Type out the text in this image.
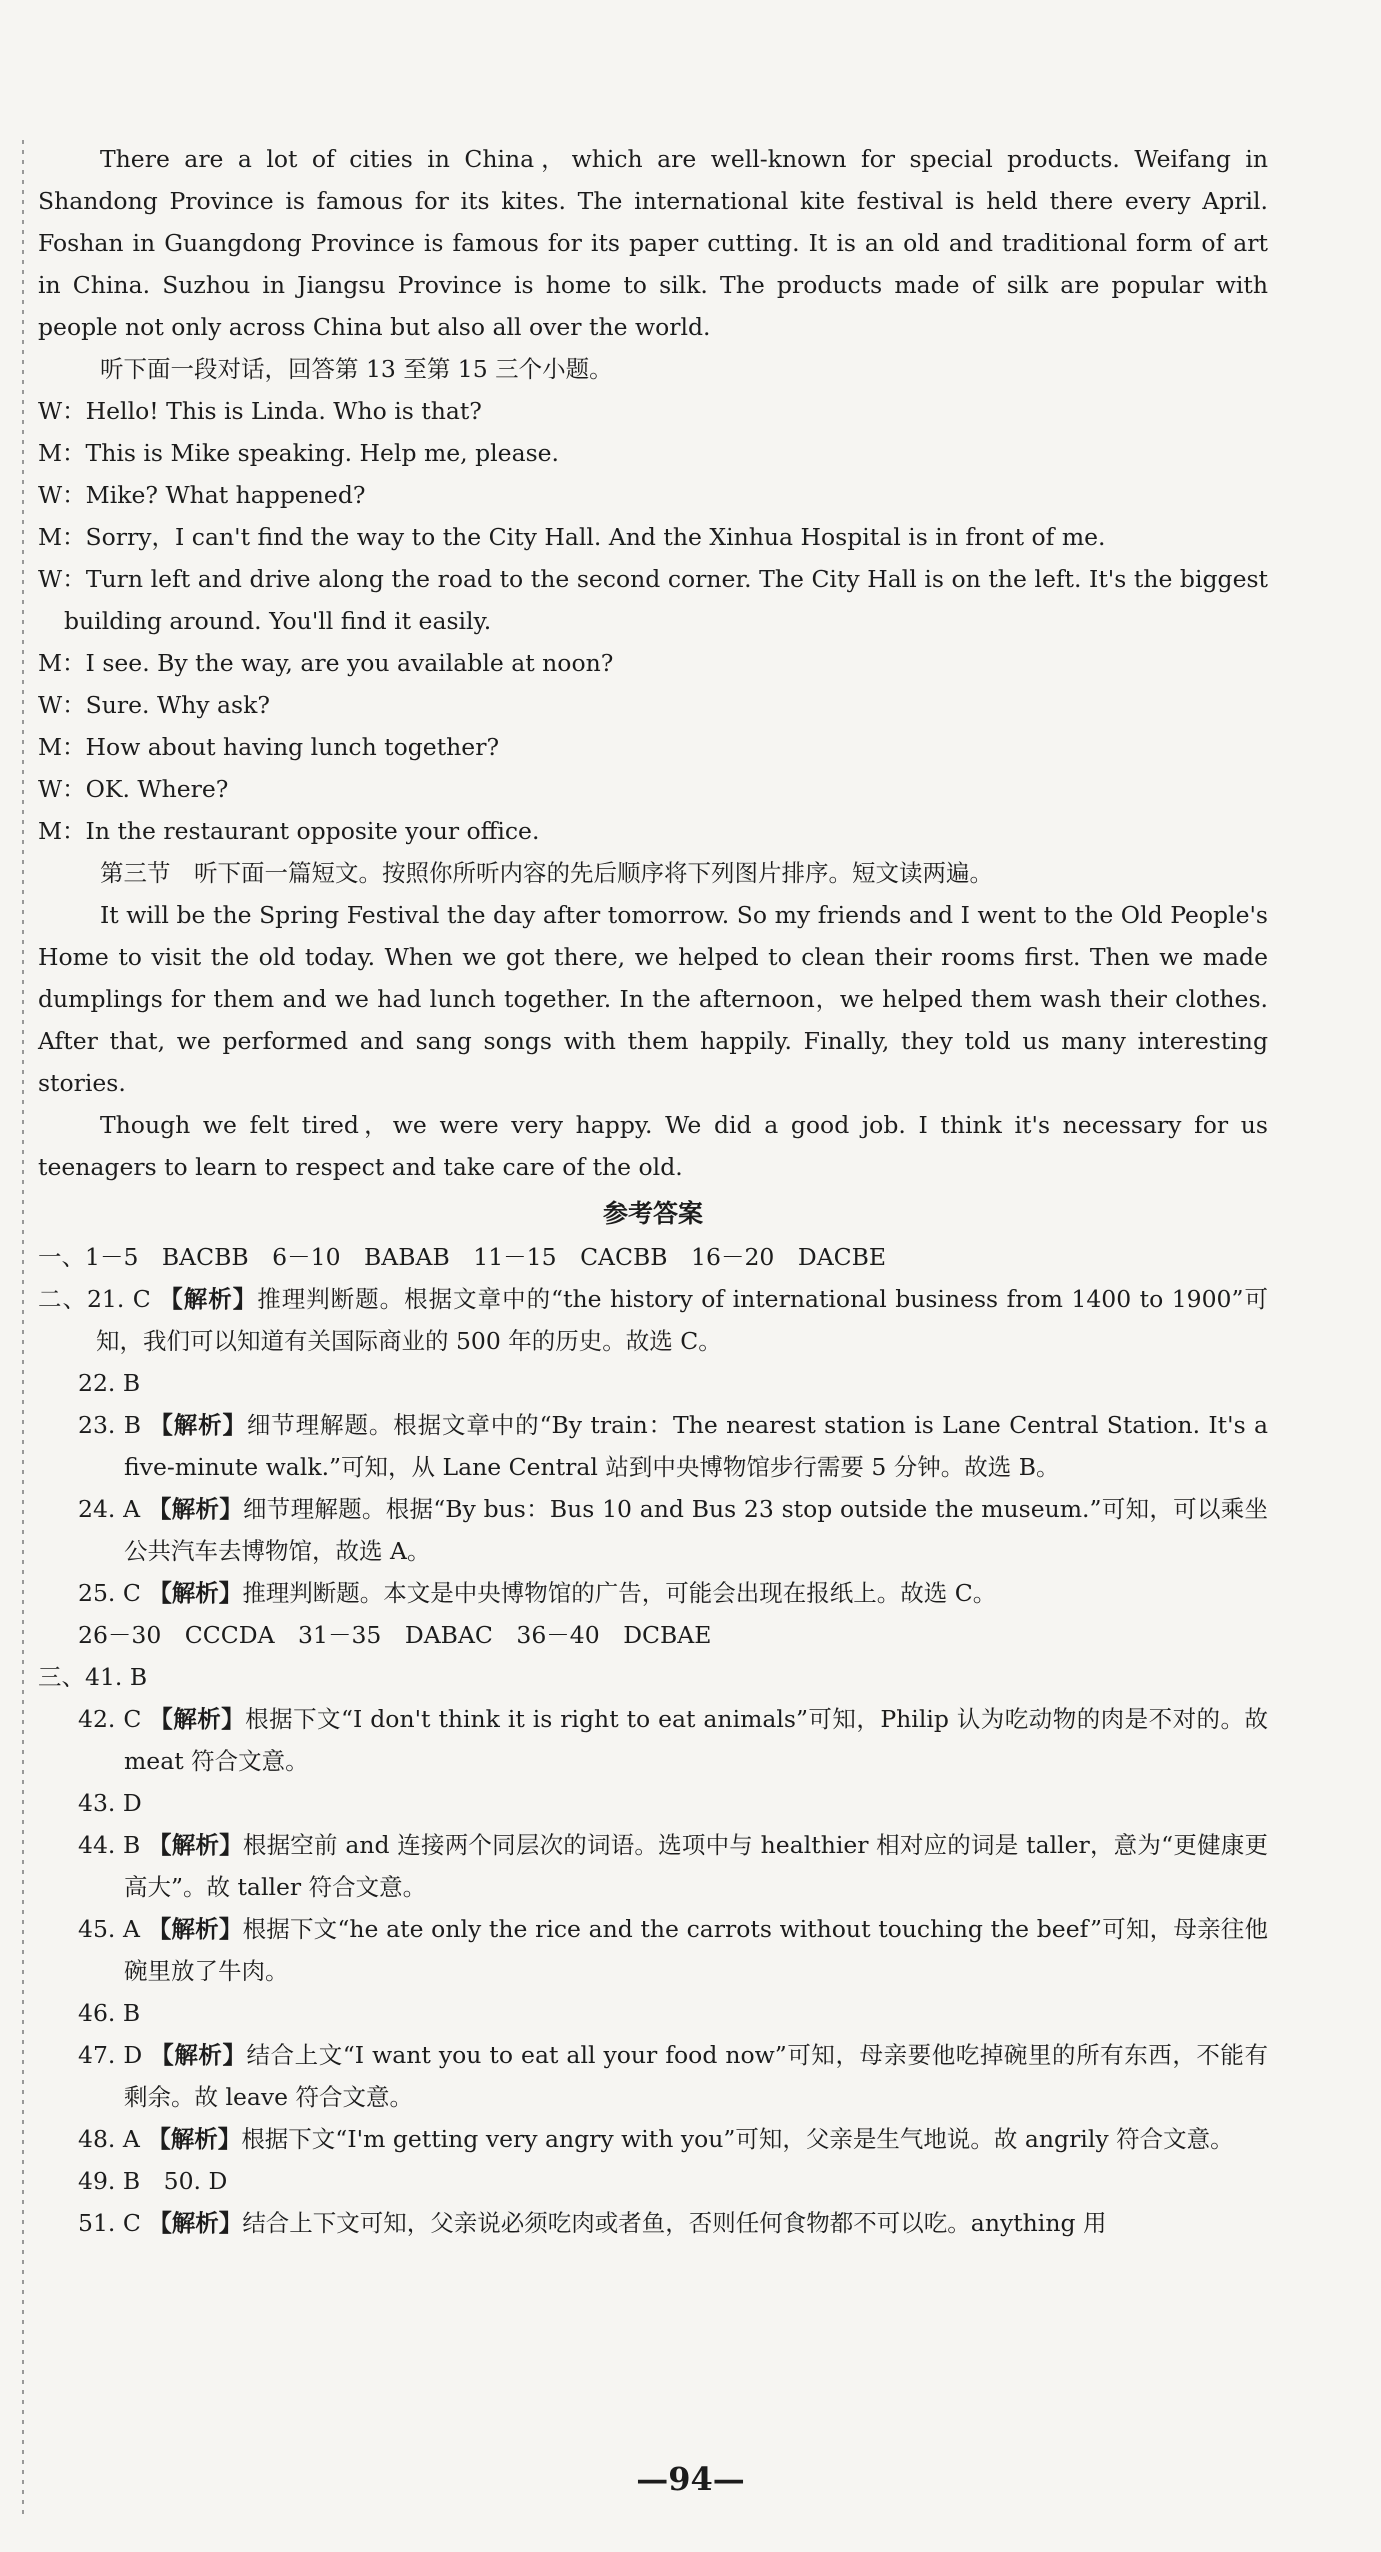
There are a lot of cities in China，which are well-known for special products. Weifang in Shandong Province is famous for its kites. The international kite festival is held there every April. Foshan in Guangdong Province is famous for its paper cutting. It is an old and traditional form of art in China. Suzhou in Jiangsu Province is home to silk. The products made of silk are popular with people not only across China but also all over the world.

听下面一段对话，回答第 13 至第 15 三个小题。

W：Hello! This is Linda. Who is that?

M：This is Mike speaking. Help me, please.

W：Mike? What happened?

M：Sorry，I can't find the way to the City Hall. And the Xinhua Hospital is in front of me.

W：Turn left and drive along the road to the second corner. The City Hall is on the left. It's the biggest building around. You'll find it easily.

M：I see. By the way, are you available at noon?

W：Sure. Why ask?

M：How about having lunch together?

W：OK. Where?

M：In the restaurant opposite your office.

第三节　听下面一篇短文。按照你所听内容的先后顺序将下列图片排序。短文读两遍。

It will be the Spring Festival the day after tomorrow. So my friends and I went to the Old People's Home to visit the old today. When we got there, we helped to clean their rooms first. Then we made dumplings for them and we had lunch together. In the afternoon，we helped them wash their clothes. After that, we performed and sang songs with them happily. Finally, they told us many interesting stories.

Though we felt tired，we were very happy. We did a good job. I think it's necessary for us teenagers to learn to respect and take care of the old.

参考答案

一、1－5　BACBB　6－10　BABAB　11－15　CACBB　16－20　DACBE

二、21. C 【解析】推理判断题。根据文章中的“the history of international business from 1400 to 1900”可知，我们可以知道有关国际商业的 500 年的历史。故选 C。

22. B

23. B 【解析】细节理解题。根据文章中的“By train：The nearest station is Lane Central Station. It's a five-minute walk.”可知，从 Lane Central 站到中央博物馆步行需要 5 分钟。故选 B。

24. A 【解析】细节理解题。根据“By bus：Bus 10 and Bus 23 stop outside the museum.”可知，可以乘坐公共汽车去博物馆，故选 A。

25. C 【解析】推理判断题。本文是中央博物馆的广告，可能会出现在报纸上。故选 C。

26－30　CCCDA　31－35　DABAC　36－40　DCBAE

三、41. B

42. C 【解析】根据下文“I don't think it is right to eat animals”可知，Philip 认为吃动物的肉是不对的。故 meat 符合文意。

43. D

44. B 【解析】根据空前 and 连接两个同层次的词语。选项中与 healthier 相对应的词是 taller，意为“更健康更高大”。故 taller 符合文意。

45. A 【解析】根据下文“he ate only the rice and the carrots without touching the beef”可知，母亲往他碗里放了牛肉。

46. B

47. D 【解析】结合上文“I want you to eat all your food now”可知，母亲要他吃掉碗里的所有东西，不能有剩余。故 leave 符合文意。

48. A 【解析】根据下文“I'm getting very angry with you”可知，父亲是生气地说。故 angrily 符合文意。

49. B　50. D

51. C 【解析】结合上下文可知，父亲说必须吃肉或者鱼，否则任何食物都不可以吃。anything 用

—94—
